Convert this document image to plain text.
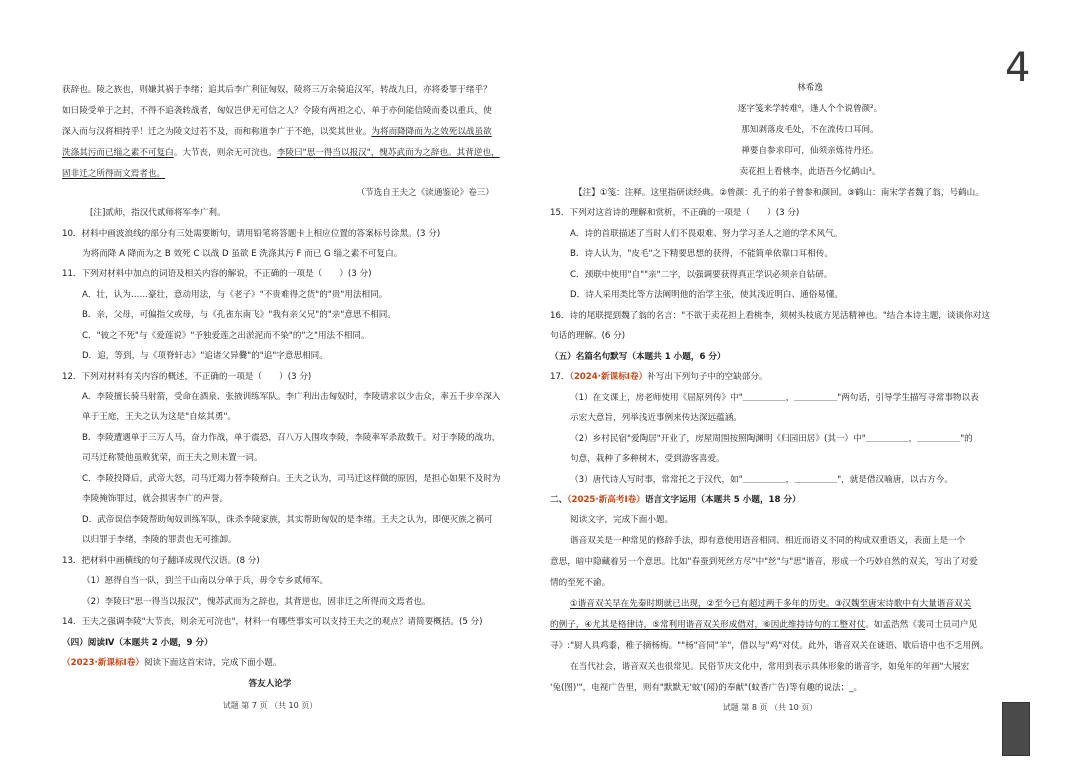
4
获辞也。陵之族也，则嫌其祸于李绪；追其后李广利征匈奴，陵将三万余骑追汉军，转战九日，亦将委罪于绪乎？
如曰陵受单于之封，不得不追袭转战者，匈奴岂伊无可信之人？令陵有两袒之心，单于亦何能信陵而委以重兵，使
深入而与汉将相持乎！迁之为陵文过若不及，而和称道李广于不绝，以奖其世业。为将而降降而为之效死以战虽欲
洗涤其污而已缁之素不可复白。大节丧，则余无可浣也。李陵曰"思一得当以报汉"，愧苏武而为之辞也。其背逆也，
固非迁之所得而文焉者也。
（节选自王夫之《读通鉴论》卷三）
[注]贰师，指汉代贰师将军李广利。
10．材料中画波浪线的部分有三处需要断句，请用铅笔将答题卡上相应位置的答案标号涂黑。(3 分)
为将而降 A 降而为之 B 效死 C 以战 D 虽欲 E 洗涤其污 F 而已 G 缁之素不可复白。
11．下列对材料中加点的词语及相关内容的解说，不正确的一项是（　　）(3 分)
A．壮，认为……豪壮，意动用法，与《老子》"不贵难得之货"的"贵"用法相同。
B．亲，父母，可偏指父或母，与《孔雀东南飞》"我有亲父兄"的"亲"意思不相同。
C．"彼之不死"与《爱莲说》"予独爱莲之出淤泥而不染"的"之"用法不相同。
D．追，等到，与《项脊轩志》"追诸父异爨"的"追"字意思相同。
12．下列对材料有关内容的概述，不正确的一项是（　　）(3 分)
A．李陵擅长骑马射箭，受命在酒泉、张掖训练军队。李广利出击匈奴时，李陵请求以少击众，率五千步卒深入
单于王庭，王夫之认为这是"自炫其勇"。
B．李陵遭遇单于三万人马，奋力作战，单于震恐，召八万人围攻李陵，李陵率军杀敌数千。对于李陵的战功，
司马迁称赞他虽败犹荣，而王夫之则未置一词。
C．李陵投降后，武帝大怒，司马迁竭力替李陵辩白。王夫之认为，司马迁这样做的原因，是担心如果不及时为
李陵掩饰罪过，就会损害李广的声誉。
D．武帝误信李陵帮助匈奴训练军队，诛杀李陵家族，其实帮助匈奴的是李绪。王夫之认为，即便灭族之祸可
以归罪于李绪，李陵的罪责也无可推卸。
13．把材料中画横线的句子翻译成现代汉语。(8 分)
（1）愿得自当一队，到兰干山南以分单于兵，毋令专乡贰师军。
（2）李陵曰"思一得当以报汉"，愧苏武而为之辞也，其背逆也，固非迁之所得而文焉者也。
14．王夫之强调李陵"大节丧，则余无可浣也"，材料一有哪些事实可以支持王夫之的观点？请简要概括。(5 分)
（四）阅读Ⅳ（本题共 2 小题，9 分）
（2023·新课标Ⅰ卷）阅读下面这首宋诗，完成下面小题。
答友人论学
试题 第 7 页 （共 10 页）
林希逸
逐字笺来学转难⁰，逢人个个说曾颜²。
那知剥落皮毛处，不在流传口耳间。
禅要自参求印可，仙须亲炼待丹还。
卖花担上看桃李，此语吾今忆鹤山³。
【注】①笺：注释。这里指研读经典。②曾颜：孔子的弟子曾参和颜回。③鹤山：南宋学者魏了翁，号鹤山。
15．下列对这首诗的理解和赏析，不正确的一项是（　　）(3 分)
A．诗的首联描述了当时人们不畏艰难、努力学习圣人之道的学术风气。
B．诗人认为，"皮毛"之下精要思想的获得，不能简单依靠口耳相传。
C．颈联中使用"自""亲"二字，以强调要获得真正学识必须亲自钻研。
D．诗人采用类比等方法阐明他的治学主张，使其浅近明白、通俗易懂。
16．诗的尾联提到魏了翁的名言："不欲于卖花担上看桃李，须树头枝底方见活精神也。"结合本诗主题，谈谈你对这
句话的理解。(6 分)
（五）名篇名句默写（本题共 1 小题，6 分）
17．（2024·新课标Ⅰ卷）补写出下列句子中的空缺部分。
（1）在文课上，房老师使用《屈原列传》中"＿＿＿＿＿，＿＿＿＿＿"两句话，引导学生描写寻常事物以表
示宏大意旨，列举浅近事例来传达深远蕴涵。
（2）乡村民宿"爱陶居"开业了，房屋周围按照陶渊明《归园田居》(其一）中"＿＿＿＿＿，＿＿＿＿＿"的
句意，栽种了多种树木，受到游客喜爱。
（3）唐代诗人写时事，常常托之于汉代，如"＿＿＿＿＿，＿＿＿＿＿"，就是借汉喻唐，以古方今。
二、（2025·新高考Ⅰ卷）语言文字运用（本题共 5 小题，18 分）
阅读文字，完成下面小题。
谐音双关是一种常见的修辞手法，即有意使用语音相同、相近而语义不同的构成双重语义，表面上是一个
意思，暗中隐藏着另一个意思。比如"春蚕到死丝方尽"中"丝"与"思"谐音，形成一个巧妙自然的双关，写出了对爱
情的至死不渝。
①谐音双关早在先秦时期就已出现，②至今已有超过两千多年的历史。③汉魏至唐宋诗歌中有大量谐音双关
的例子，④尤其是格律诗，⑤常利用谐音双关形成借对，⑥因此维持诗句的工整对仗。如孟浩然《裴司士员司户见
寻》:"厨人具鸡黍，稚子摘杨梅。""杨"音同"羊"，借以与"鸡"对仗。此外，谐音双关在谜语、歇后语中也不乏用例。
在当代社会，谐音双关也很常见。民俗节庆文化中，常用到表示具体形象的谐音字，如兔年的年画"大展宏
'兔(图)'"，电视广告里，则有"默默无'蚊'(闻)的奉献"(蚊香广告)等有趣的说法；_。
试题 第 8 页 （共 10 页）
